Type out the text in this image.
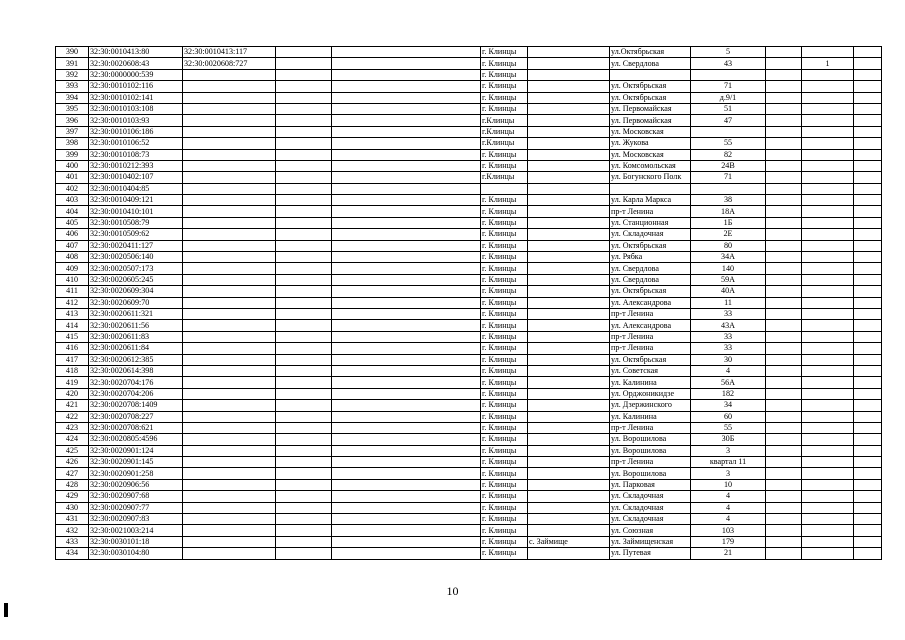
390	32:30:0010413:80	32:30:0010413:117			г. Клинцы		ул.Октябрьская	5			
391	32:30:0020608:43	32:30:0020608:727			г. Клинцы		ул. Свердлова	43		1	
392	32:30:0000000:539				г. Клинцы						
393	32:30:0010102:116				г. Клинцы		ул. Октябрьская	71			
394	32:30:0010102:141				г. Клинцы		ул. Октябрьская	д.9/1			
395	32:30:0010103:108				г. Клинцы		ул. Первомайская	51			
396	32:30:0010103:93				г.Клинцы		ул. Первомайская	47			
397	32:30:0010106:186				г.Клинцы		ул. Московская				
398	32:30:0010106:52				г.Клинцы		ул. Жукова	55			
399	32:30:0010108:73				г. Клинцы		ул. Московская	82			
400	32:30:0010212:393				г. Клинцы		ул. Комсомольская	24В			
401	32:30:0010402:107				г.Клинцы		ул. Богунского Полк	71			
402	32:30:0010404:85										
403	32:30:0010409:121				г. Клинцы		ул. Карла Маркса	38			
404	32:30:0010410:101				г. Клинцы		пр-т Ленина	18А			
405	32:30:0010508:79				г. Клинцы		ул. Станционная	1Б			
406	32:30:0010509:62				г. Клинцы		ул. Складочная	2Е			
407	32:30:0020411:127				г. Клинцы		ул. Октябрьская	80			
408	32:30:0020506:140				г. Клинцы		ул. Рябка	34А			
409	32:30:0020507:173				г. Клинцы		ул. Свердлова	140			
410	32:30:0020605:245				г. Клинцы		ул. Свердлова	59А			
411	32:30:0020609:304				г. Клинцы		ул. Октябрьская	40А			
412	32:30:0020609:70				г. Клинцы		ул. Александрова	11			
413	32:30:0020611:321				г. Клинцы		пр-т Ленина	33			
414	32:30:0020611:56				г. Клинцы		ул. Александрова	43А			
415	32:30:0020611:83				г. Клинцы		пр-т Ленина	33			
416	32:30:0020611:84				г. Клинцы		пр-т Ленина	33			
417	32:30:0020612:385				г. Клинцы		ул. Октябрьская	30			
418	32:30:0020614:398				г. Клинцы		ул. Советская	4			
419	32:30:0020704:176				г. Клинцы		ул. Калинина	56А			
420	32:30:0020704:206				г. Клинцы		ул. Орджоникидзе	182			
421	32:30:0020708:1409				г. Клинцы		ул. Дзержинского	34			
422	32:30:0020708:227				г. Клинцы		ул. Калинина	60			
423	32:30:0020708:621				г. Клинцы		пр-т Ленина	55			
424	32:30:0020805:4596				г. Клинцы		ул. Ворошилова	30Б			
425	32:30:0020901:124				г. Клинцы		ул. Ворошилова	3			
426	32:30:0020901:145				г. Клинцы		пр-т Ленина	квартал 11			
427	32:30:0020901:258				г. Клинцы		ул. Ворошилова	3			
428	32:30:0020906:56				г. Клинцы		ул. Парковая	10			
429	32:30:0020907:68				г. Клинцы		ул. Складочная	4			
430	32:30:0020907:77				г. Клинцы		ул. Складочная	4			
431	32:30:0020907:83				г. Клинцы		ул. Складочная	4			
432	32:30:0021003:214				г. Клинцы		ул. Союзная	103			
433	32:30:0030101:18				г. Клинцы	с. Займище	ул. Займищенская	179			
434	32:30:0030104:80				г. Клинцы		ул. Путевая	21			
10
